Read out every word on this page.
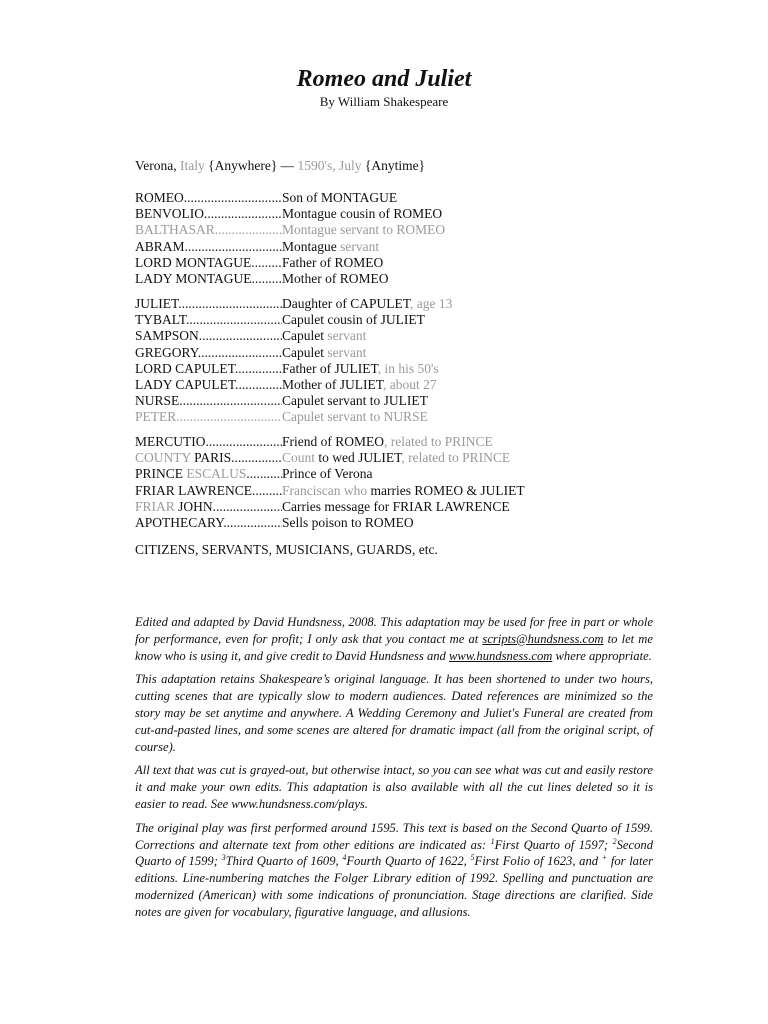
Romeo and Juliet
By William Shakespeare
Verona, Italy {Anywhere} — 1590's, July {Anytime}
ROMEO .....	Son of MONTAGUE
BENVOLIO .....	Montague cousin of ROMEO
BALTHASAR .....	Montague servant to ROMEO
ABRAM .....	Montague servant
LORD MONTAGUE .....	Father of ROMEO
LADY MONTAGUE .....	Mother of ROMEO
JULIET .....	Daughter of CAPULET, age 13
TYBALT .....	Capulet cousin of JULIET
SAMPSON .....	Capulet servant
GREGORY .....	Capulet servant
LORD CAPULET .....	Father of JULIET, in his 50's
LADY CAPULET .....	Mother of JULIET, about 27
NURSE .....	Capulet servant to JULIET
PETER .....	Capulet servant to NURSE
MERCUTIO .....	Friend of ROMEO, related to PRINCE
COUNTY PARIS .....	Count to wed JULIET, related to PRINCE
PRINCE ESCALUS .....	Prince of Verona
FRIAR LAWRENCE .....	Franciscan who marries ROMEO & JULIET
FRIAR JOHN .....	Carries message for FRIAR LAWRENCE
APOTHECARY .....	Sells poison to ROMEO
CITIZENS, SERVANTS, MUSICIANS, GUARDS, etc.

Edited and adapted by David Hundsness, 2008. This adaptation may be used for free in part or whole for performance, even for profit; I only ask that you contact me at scripts@hundsness.com to let me know who is using it, and give credit to David Hundsness and www.hundsness.com where appropriate.

This adaptation retains Shakespeare’s original language. It has been shortened to under two hours, cutting scenes that are typically slow to modern audiences. Dated references are minimized so the story may be set anytime and anywhere. A Wedding Ceremony and Juliet's Funeral are created from cut-and-pasted lines, and some scenes are altered for dramatic impact (all from the original script, of course).

All text that was cut is grayed-out, but otherwise intact, so you can see what was cut and easily restore it and make your own edits. This adaptation is also available with all the cut lines deleted so it is easier to read. See www.hundsness.com/plays.

The original play was first performed around 1595. This text is based on the Second Quarto of 1599. Corrections and alternate text from other editions are indicated as: $^1$First Quarto of 1597; $^2$Second Quarto of 1599; $^3$Third Quarto of 1609, $^4$Fourth Quarto of 1622, $^5$First Folio of 1623, and + for later editions. Line-numbering matches the Folger Library edition of 1992. Spelling and punctuation are modernized (American) with some indications of pronunciation. Stage directions are clarified. Side notes are given for vocabulary, figurative language, and allusions.
